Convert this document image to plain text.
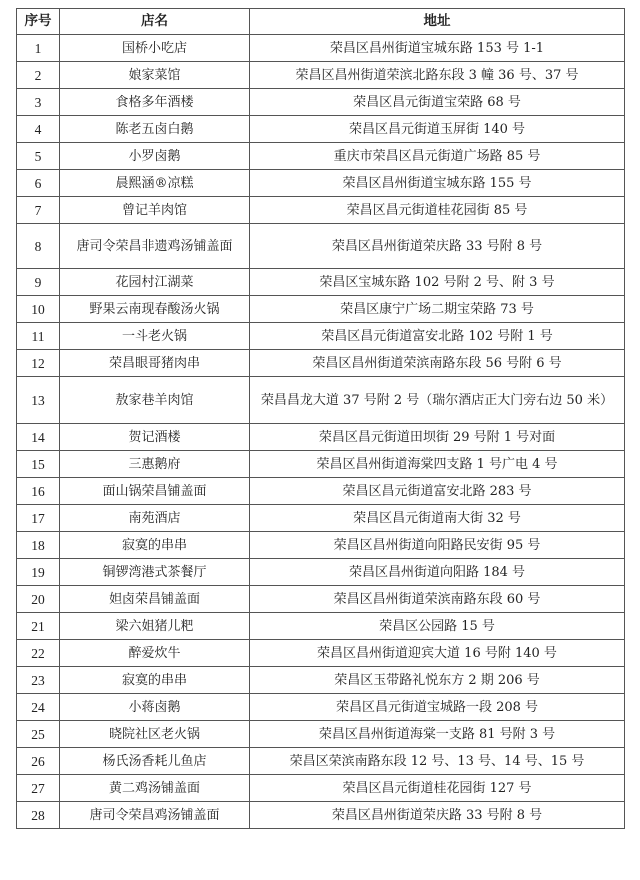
序号	店名	地址
1	国桥小吃店	荣昌区昌州街道宝城东路 153 号 1-1
2	娘家菜馆	荣昌区昌州街道荣滨北路东段 3 幢 36 号、37 号
3	食格多年酒楼	荣昌区昌元街道宝荣路 68 号
4	陈老五卤白鹅	荣昌区昌元街道玉屏街 140 号
5	小罗卤鹅	重庆市荣昌区昌元街道广场路 85 号
6	晨熙涵®凉糕	荣昌区昌州街道宝城东路 155 号
7	曾记羊肉馆	荣昌区昌元街道桂花园街 85 号
8	唐司令荣昌非遗鸡汤铺盖面	荣昌区昌州街道荣庆路 33 号附 8 号
9	花园村江湖菜	荣昌区宝城东路 102 号附 2 号、附 3 号
10	野果云南现春酸汤火锅	荣昌区康宁广场二期宝荣路 73 号
11	一斗老火锅	荣昌区昌元街道富安北路 102 号附 1 号
12	荣昌眼哥猪肉串	荣昌区昌州街道荣滨南路东段 56 号附 6 号
13	敖家巷羊肉馆	荣昌昌龙大道 37 号附 2 号（瑞尔酒店正大门旁右边 50 米）
14	贺记酒楼	荣昌区昌元街道田坝街 29 号附 1 号对面
15	三惠鹅府	荣昌区昌州街道海棠四支路 1 号广电 4 号
16	面山锅荣昌铺盖面	荣昌区昌元街道富安北路 283 号
17	南苑酒店	荣昌区昌元街道南大街 32 号
18	寂寞的串串	荣昌区昌州街道向阳路民安街 95 号
19	铜锣湾港式茶餐厅	荣昌区昌州街道向阳路 184 号
20	妲卤荣昌铺盖面	荣昌区昌州街道荣滨南路东段 60 号
21	梁六姐猪儿粑	荣昌区公园路 15 号
22	醉爱炊牛	荣昌区昌州街道迎宾大道 16 号附 140 号
23	寂寞的串串	荣昌区玉带路礼悦东方 2 期 206 号
24	小蒋卤鹅	荣昌区昌元街道宝城路一段 208 号
25	晓院社区老火锅	荣昌区昌州街道海棠一支路 81 号附 3 号
26	杨氏汤香耗儿鱼店	荣昌区荣滨南路东段 12 号、13 号、14 号、15 号
27	黄二鸡汤铺盖面	荣昌区昌元街道桂花园街 127 号
28	唐司令荣昌鸡汤铺盖面	荣昌区昌州街道荣庆路 33 号附 8 号
